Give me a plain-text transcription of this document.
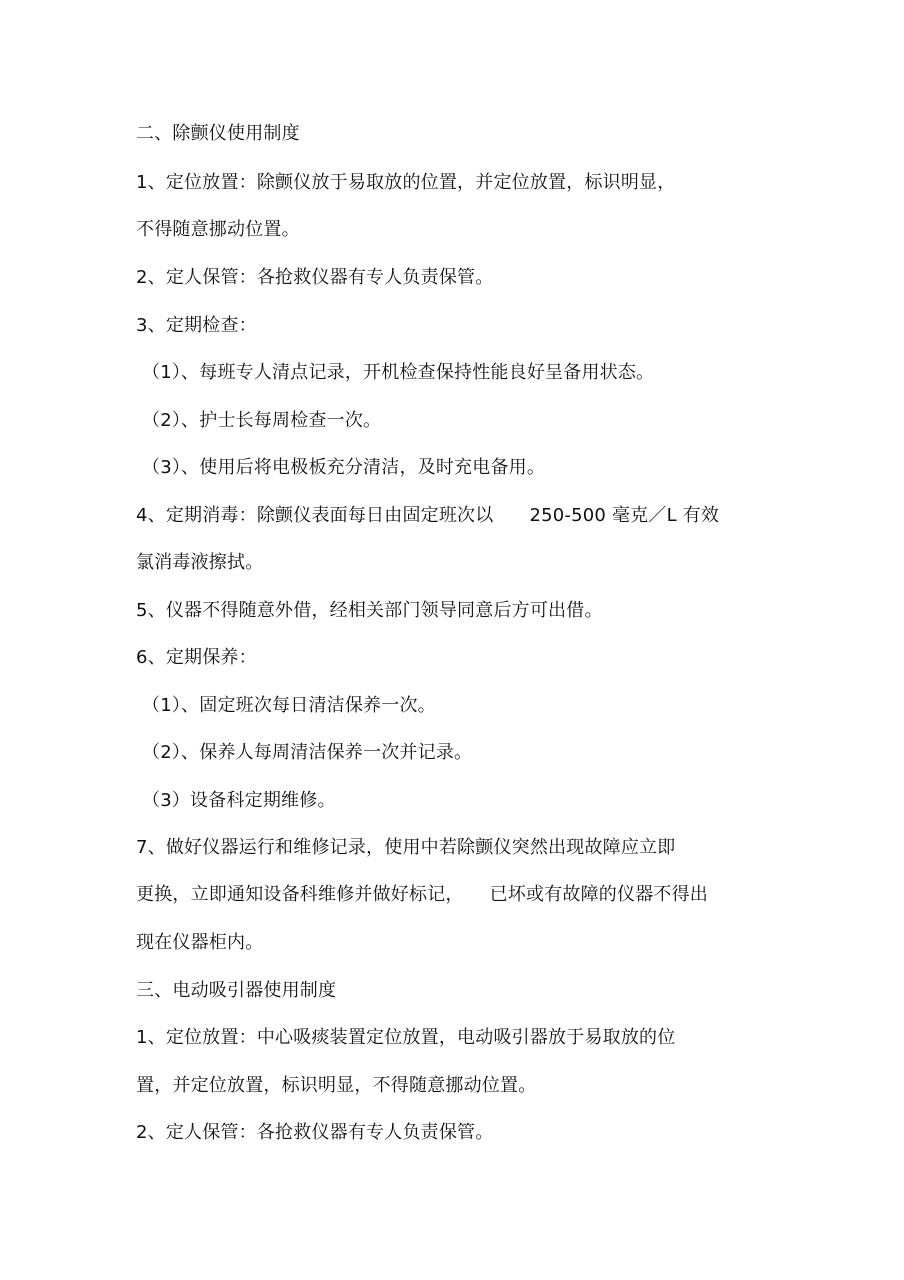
二、除颤仪使用制度
1、定位放置：除颤仪放于易取放的位置，并定位放置，标识明显，
不得随意挪动位置。
2、定人保管：各抢救仪器有专人负责保管。
3、定期检查：
（1）、每班专人清点记录，开机检查保持性能良好呈备用状态。
（2）、护士长每周检查一次。
（3）、使用后将电极板充分清洁，及时充电备用。
4、定期消毒：除颤仪表面每日由固定班次以 250-500 毫克／L 有效
氯消毒液擦拭。
5、仪器不得随意外借，经相关部门领导同意后方可出借。
6、定期保养：
（1）、固定班次每日清洁保养一次。
（2）、保养人每周清洁保养一次并记录。
（3）设备科定期维修。
7、做好仪器运行和维修记录，使用中若除颤仪突然出现故障应立即
更换，立即通知设备科维修并做好标记， 已坏或有故障的仪器不得出
现在仪器柜内。
三、电动吸引器使用制度
1、定位放置：中心吸痰装置定位放置，电动吸引器放于易取放的位
置，并定位放置，标识明显，不得随意挪动位置。
2、定人保管：各抢救仪器有专人负责保管。
